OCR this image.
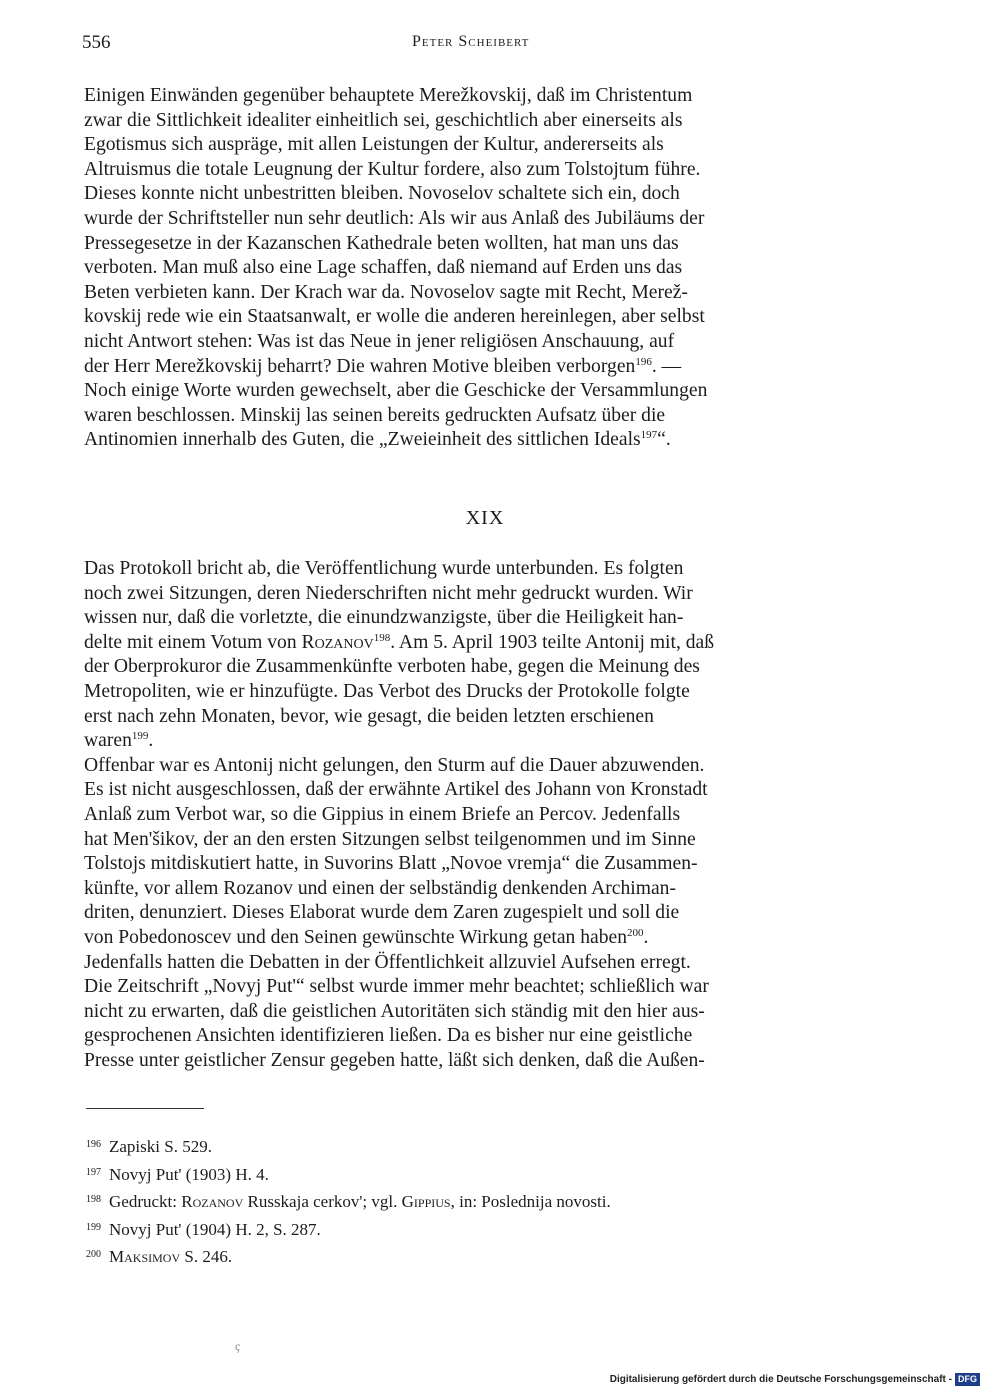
556	Peter Scheibert

Einigen Einwänden gegenüber behauptete Merežkovskij, daß im Christentum

zwar die Sittlichkeit idealiter einheitlich sei, geschichtlich aber einerseits als

Egotismus sich auspräge, mit allen Leistungen der Kultur, andererseits als

Altruismus die totale Leugnung der Kultur fordere, also zum Tolstojtum führe.

Dieses konnte nicht unbestritten bleiben. Novoselov schaltete sich ein, doch

wurde der Schriftsteller nun sehr deutlich: Als wir aus Anlaß des Jubiläums der

Pressegesetze in der Kazanschen Kathedrale beten wollten, hat man uns das

verboten. Man muß also eine Lage schaffen, daß niemand auf Erden uns das

Beten verbieten kann. Der Krach war da. Novoselov sagte mit Recht, Merež-

kovskij rede wie ein Staatsanwalt, er wolle die anderen hereinlegen, aber selbst

nicht Antwort stehen: Was ist das Neue in jener religiösen Anschauung, auf

der Herr Merežkovskij beharrt? Die wahren Motive bleiben verborgen$^{196}$. —

Noch einige Worte wurden gewechselt, aber die Geschicke der Versammlungen

waren beschlossen. Minskij las seinen bereits gedruckten Aufsatz über die

Antinomien innerhalb des Guten, die „Zweieinheit des sittlichen Ideals$^{197}$“.

XIX

Das Protokoll bricht ab, die Veröffentlichung wurde unterbunden. Es folgten

noch zwei Sitzungen, deren Niederschriften nicht mehr gedruckt wurden. Wir

wissen nur, daß die vorletzte, die einundzwanzigste, über die Heiligkeit han-

delte mit einem Votum von Rozanov$^{198}$. Am 5. April 1903 teilte Antonij mit, daß

der Oberprokuror die Zusammenkünfte verboten habe, gegen die Meinung des

Metropoliten, wie er hinzufügte. Das Verbot des Drucks der Protokolle folgte

erst nach zehn Monaten, bevor, wie gesagt, die beiden letzten erschienen

waren$^{199}$.

Offenbar war es Antonij nicht gelungen, den Sturm auf die Dauer abzuwenden.

Es ist nicht ausgeschlossen, daß der erwähnte Artikel des Johann von Kronstadt

Anlaß zum Verbot war, so die Gippius in einem Briefe an Percov. Jedenfalls

hat Men'šikov, der an den ersten Sitzungen selbst teilgenommen und im Sinne

Tolstojs mitdiskutiert hatte, in Suvorins Blatt „Novoe vremja“ die Zusammen-

künfte, vor allem Rozanov und einen der selbständig denkenden Archiman-

driten, denunziert. Dieses Elaborat wurde dem Zaren zugespielt und soll die

von Pobedonoscev und den Seinen gewünschte Wirkung getan haben$^{200}$.

Jedenfalls hatten die Debatten in der Öffentlichkeit allzuviel Aufsehen erregt.

Die Zeitschrift „Novyj Put'“ selbst wurde immer mehr beachtet; schließlich war

nicht zu erwarten, daß die geistlichen Autoritäten sich ständig mit den hier aus-

gesprochenen Ansichten identifizieren ließen. Da es bisher nur eine geistliche

Presse unter geistlicher Zensur gegeben hatte, läßt sich denken, daß die Außen-

$^{196}$ Zapiski S. 529.
$^{197}$ Novyj Put' (1903) H. 4.
$^{198}$ Gedruckt: Rozanov Russkaja cerkov'; vgl. Gippius, in: Poslednija novosti.
$^{199}$ Novyj Put' (1904) H. 2, S. 287.
$^{200}$ Maksimov S. 246.
ç
Digitalisierung gefördert durch die Deutsche Forschungsgemeinschaft - DFG
